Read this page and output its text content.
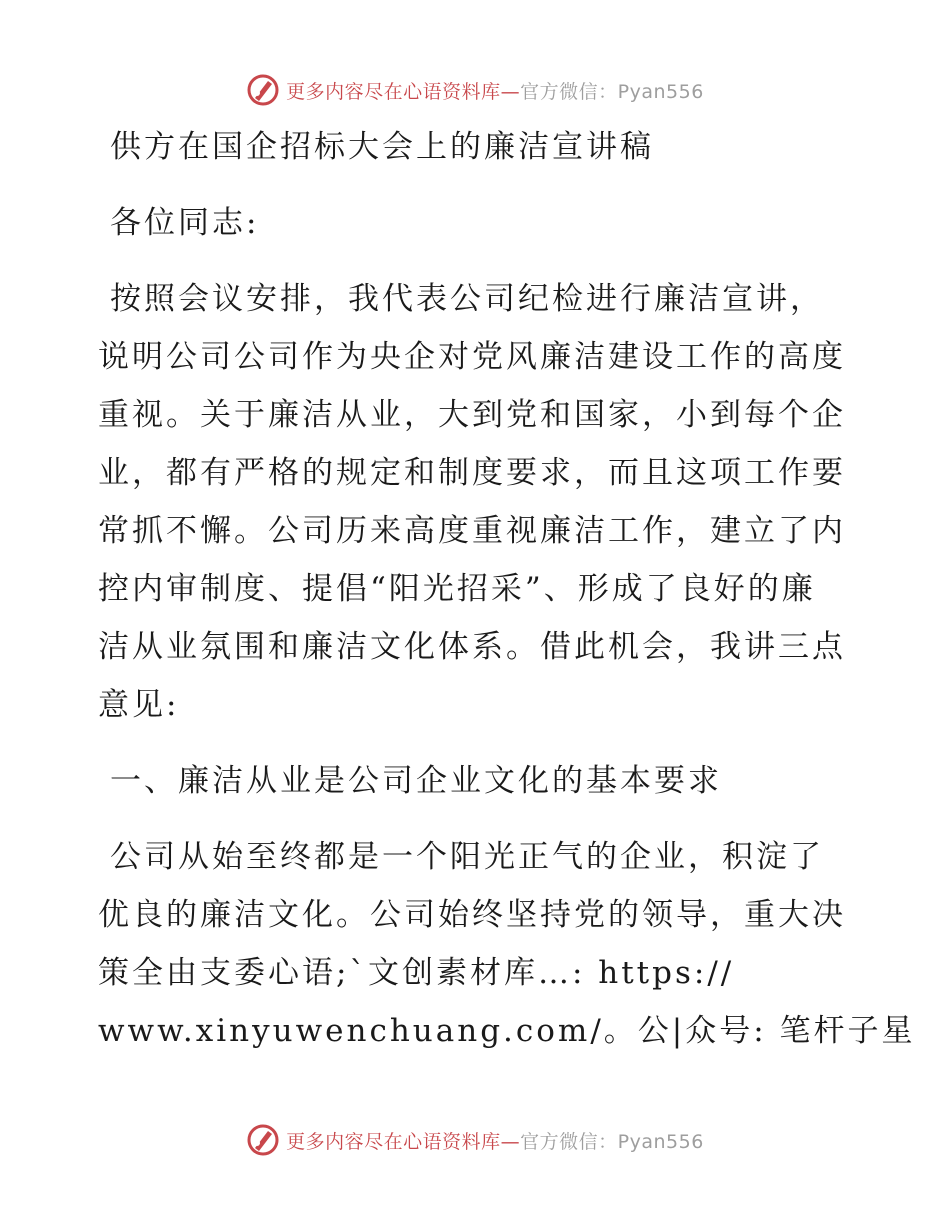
更多内容尽在心语资料库—官方微信：Pyan556
供方在国企招标大会上的廉洁宣讲稿
各位同志:
按照会议安排，我代表公司纪检进行廉洁宣讲，
说明公司公司作为央企对党风廉洁建设工作的高度
重视。关于廉洁从业，大到党和国家，小到每个企
业，都有严格的规定和制度要求，而且这项工作要
常抓不懈。公司历来高度重视廉洁工作，建立了内
控内审制度、提倡“阳光招采”、形成了良好的廉
洁从业氛围和廉洁文化体系。借此机会，我讲三点
意见:
一、廉洁从业是公司企业文化的基本要求
公司从始至终都是一个阳光正气的企业，积淀了
优良的廉洁文化。公司始终坚持党的领导，重大决
策全由支委心语;`文创素材库…: https://
www.xinyuwenchuang.com/。公|众号: 笔杆子星
更多内容尽在心语资料库—官方微信：Pyan556
